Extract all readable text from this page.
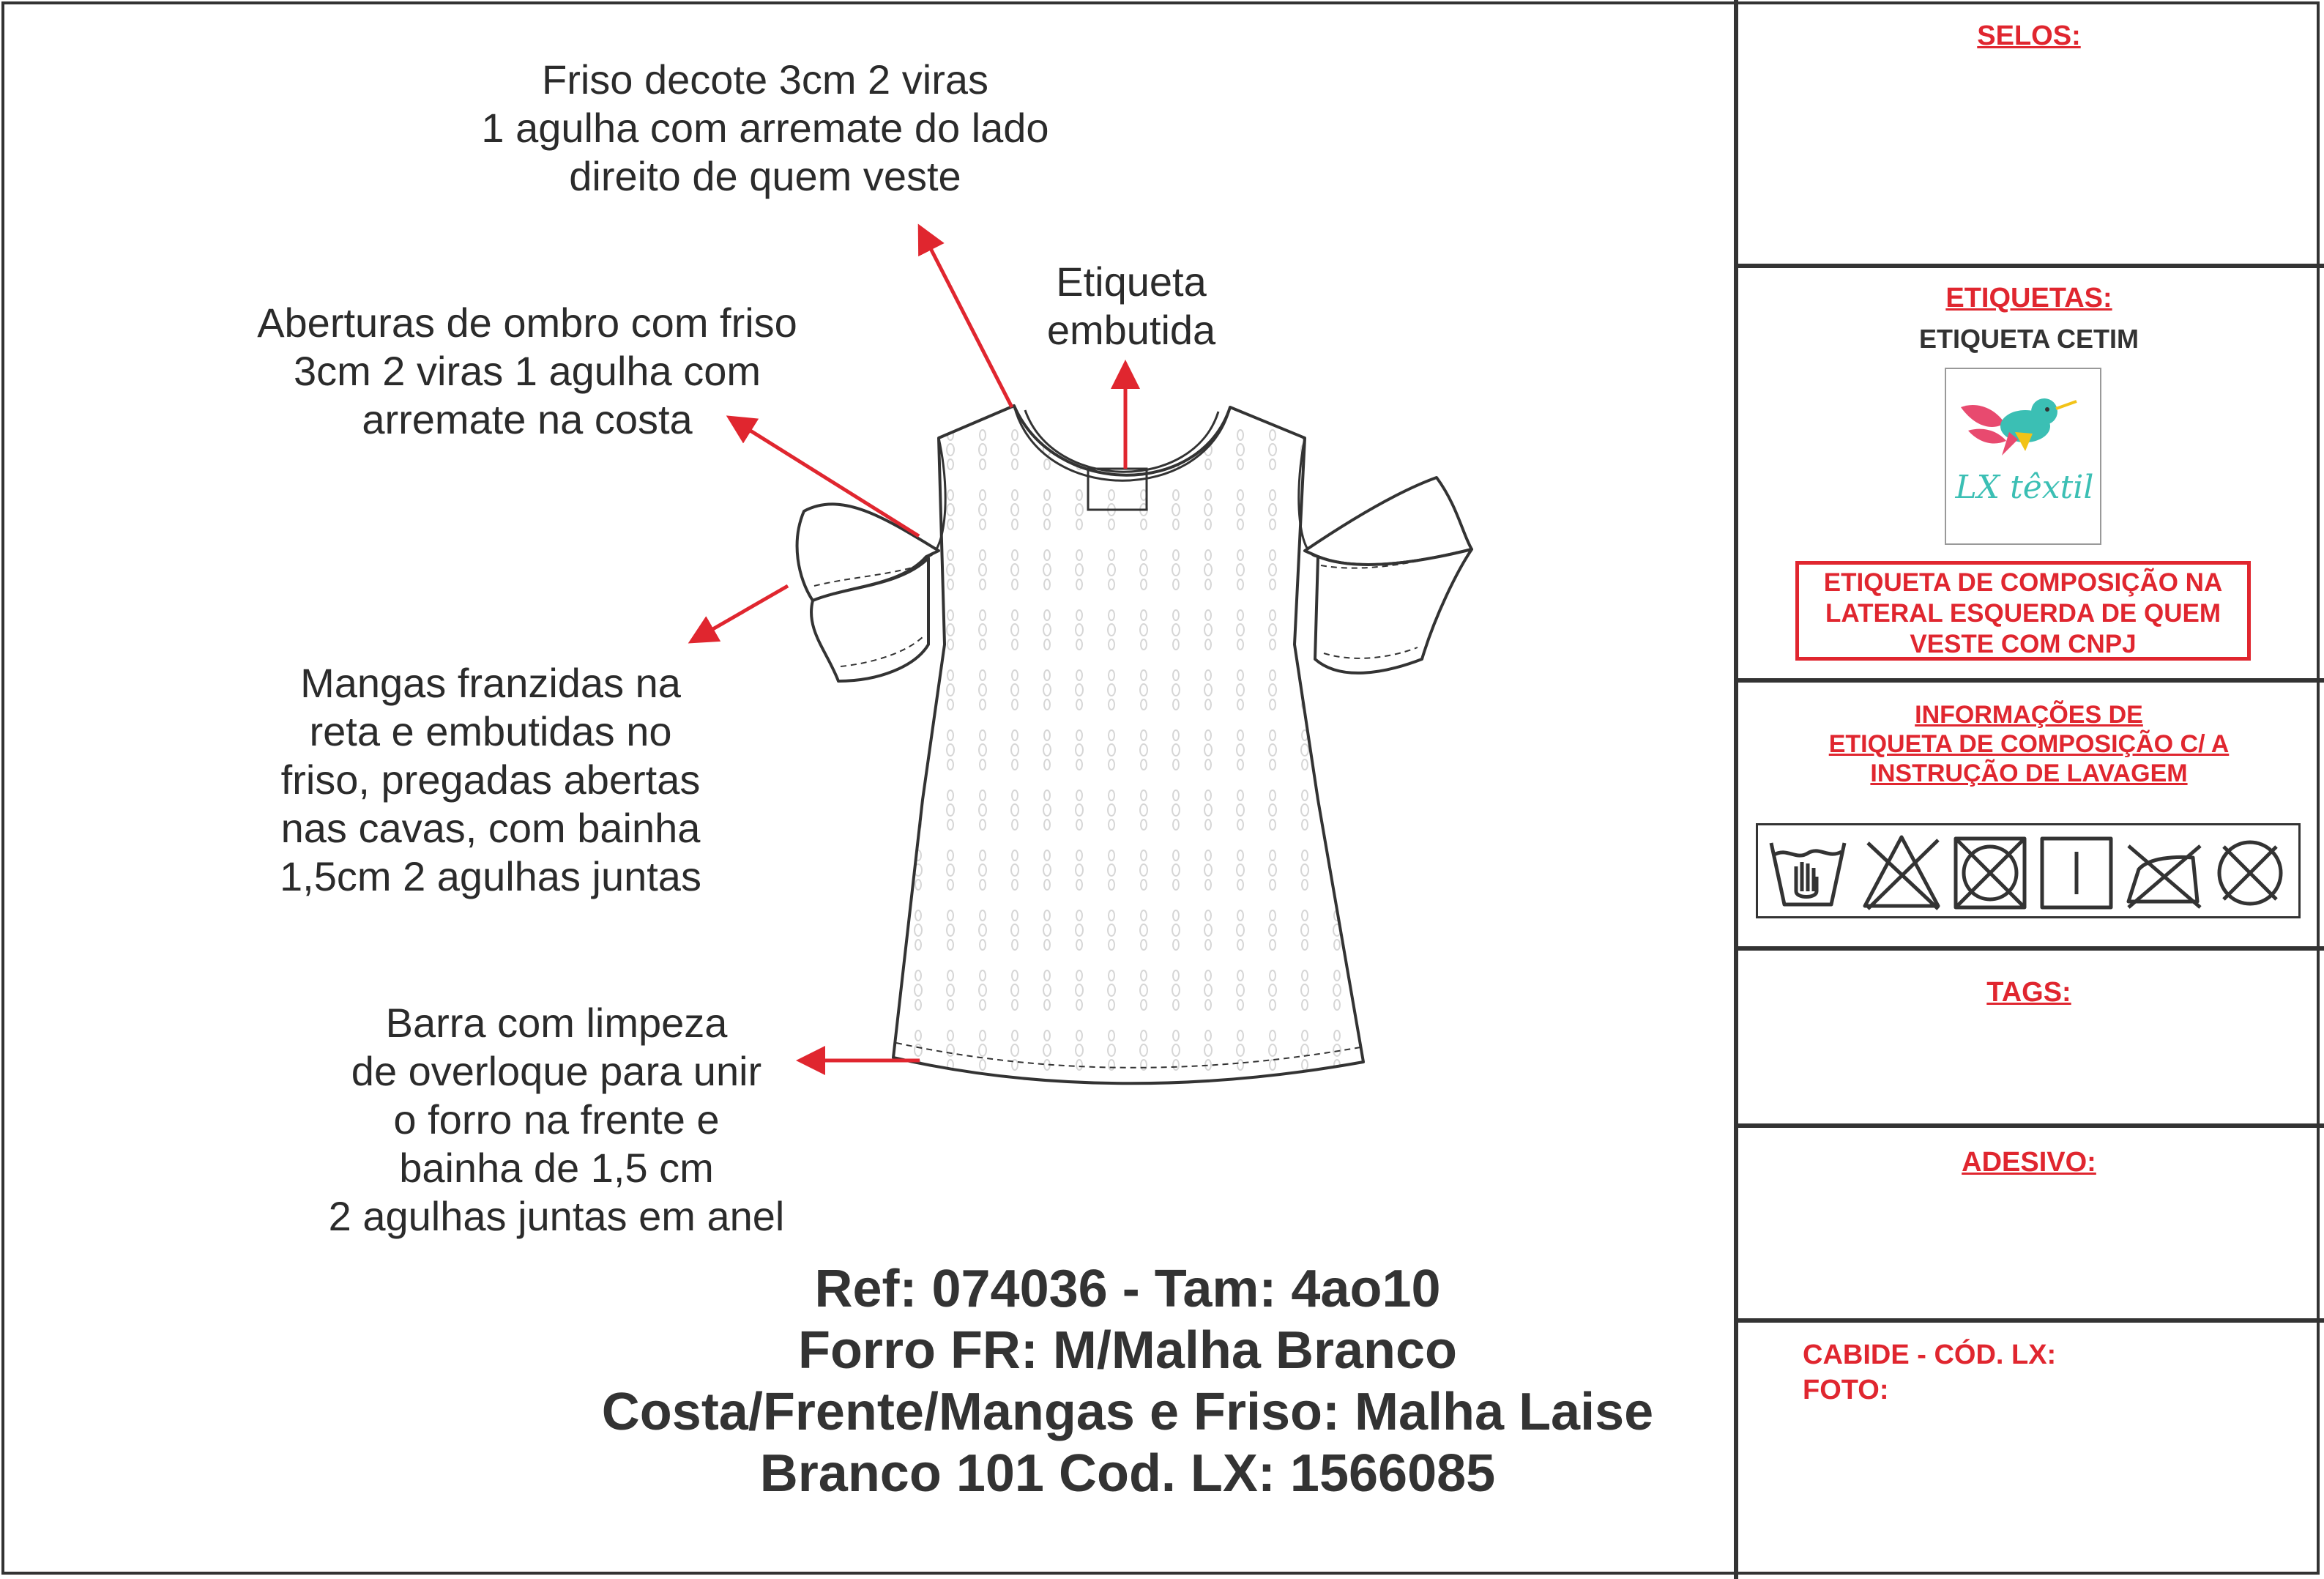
Friso decote 3cm 2 viras
1 agulha com arremate do lado
direito de quem veste
Etiqueta
embutida
Aberturas de ombro com friso
3cm 2 viras 1 agulha com
arremate na costa
Mangas franzidas na
reta e embutidas no
friso, pregadas abertas
nas cavas, com bainha
1,5cm 2 agulhas juntas
Barra com limpeza
de overloque para unir
o forro na frente e
bainha de 1,5 cm
2 agulhas juntas em anel
Ref: 074036 - Tam: 4ao10
Forro FR: M/Malha Branco
Costa/Frente/Mangas e Friso: Malha Laise
Branco 101 Cod. LX: 1566085
SELOS:
ETIQUETAS:
ETIQUETA CETIM
LX têxtil
ETIQUETA DE COMPOSIÇÃO NA
LATERAL ESQUERDA DE QUEM
VESTE COM CNPJ
INFORMAÇÕES DE
ETIQUETA DE COMPOSIÇÃO C/ A
INSTRUÇÃO DE LAVAGEM
TAGS:
ADESIVO:
CABIDE - CÓD. LX:
FOTO:
